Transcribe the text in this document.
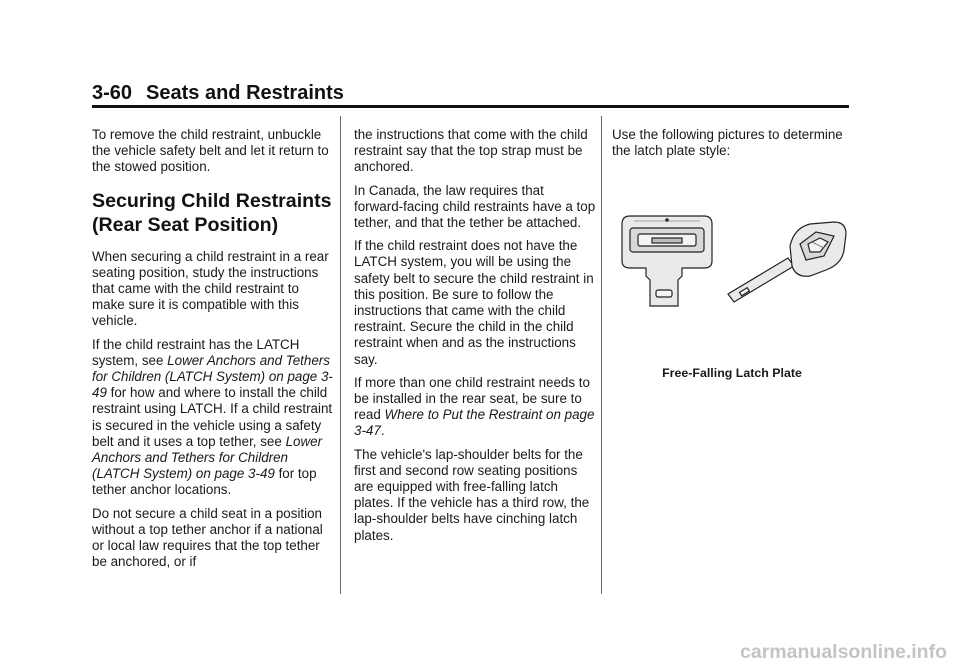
3-60 Seats and Restraints

To remove the child restraint, unbuckle the vehicle safety belt and let it return to the stowed position.

Securing Child Restraints (Rear Seat Position)

When securing a child restraint in a rear seating position, study the instructions that came with the child restraint to make sure it is compatible with this vehicle.

If the child restraint has the LATCH system, see Lower Anchors and Tethers for Children (LATCH System) on page 3-49 for how and where to install the child restraint using LATCH. If a child restraint is secured in the vehicle using a safety belt and it uses a top tether, see Lower Anchors and Tethers for Children (LATCH System) on page 3-49 for top tether anchor locations.

Do not secure a child seat in a position without a top tether anchor if a national or local law requires that the top tether be anchored, or if

the instructions that come with the child restraint say that the top strap must be anchored.

In Canada, the law requires that forward-facing child restraints have a top tether, and that the tether be attached.

If the child restraint does not have the LATCH system, you will be using the safety belt to secure the child restraint in this position. Be sure to follow the instructions that came with the child restraint. Secure the child in the child restraint when and as the instructions say.

If more than one child restraint needs to be installed in the rear seat, be sure to read Where to Put the Restraint on page 3-47.

The vehicle's lap-shoulder belts for the first and second row seating positions are equipped with free-falling latch plates. If the vehicle has a third row, the lap-shoulder belts have cinching latch plates.

Use the following pictures to determine the latch plate style:

Free-Falling Latch Plate
carmanualsonline.info
